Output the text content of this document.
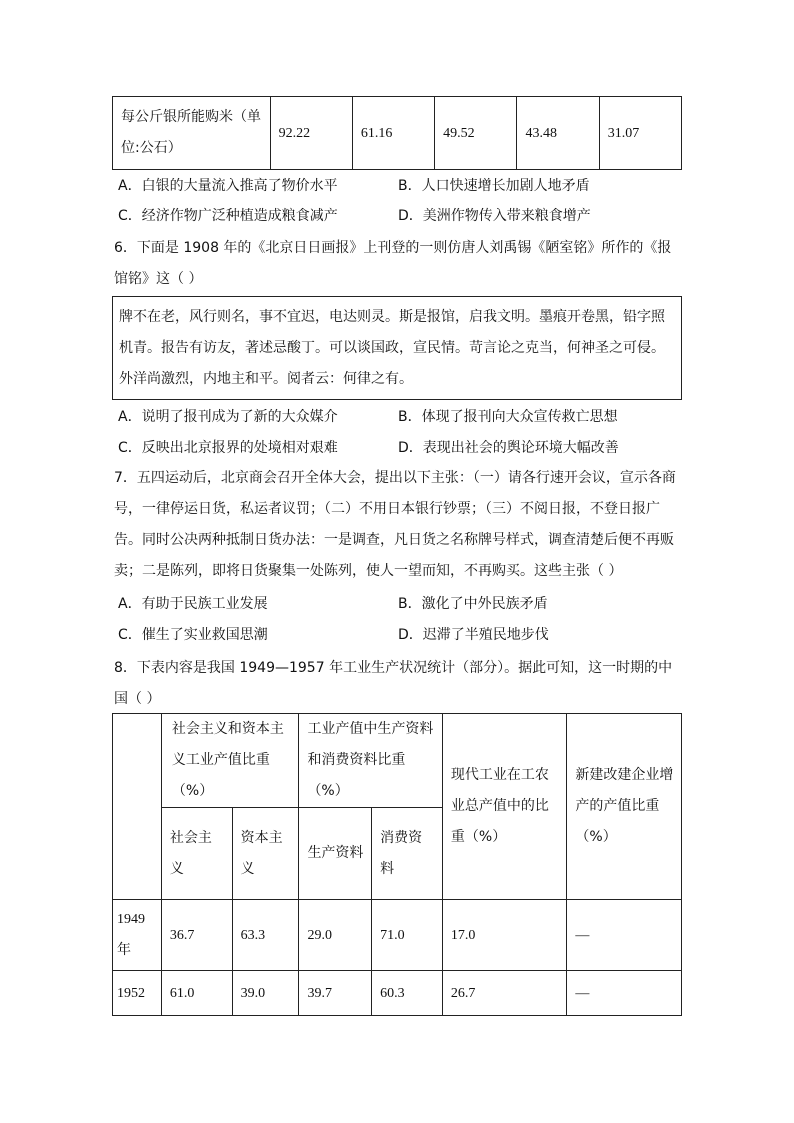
每公斤银所能购米（单位:公石）	92.22	61.16	49.52	43.48	31.07
A．白银的大量流入推高了物价水平	B．人口快速增长加剧人地矛盾
C．经济作物广泛种植造成粮食减产	D．美洲作物传入带来粮食增产
6．下面是 1908 年的《北京日日画报》上刊登的一则仿唐人刘禹锡《陋室铭》所作的《报馆铭》这（ ）
牌不在老，风行则名，事不宜迟，电达则灵。斯是报馆，启我文明。墨痕开卷黑，铅字照机青。报告有访友，著述忌酸丁。可以谈国政，宣民情。苛言论之克当，何神圣之可侵。外洋尚激烈，内地主和平。阅者云：何律之有。
A．说明了报刊成为了新的大众媒介	B．体现了报刊向大众宣传救亡思想
C．反映出北京报界的处境相对艰难	D．表现出社会的舆论环境大幅改善
7．五四运动后，北京商会召开全体大会，提出以下主张：（一）请各行速开会议，宣示各商号，一律停运日货，私运者议罚；（二）不用日本银行钞票；（三）不阅日报，不登日报广告。同时公决两种抵制日货办法：一是调查，凡日货之名称牌号样式，调查清楚后便不再贩卖；二是陈列，即将日货聚集一处陈列，使人一望而知，不再购买。这些主张（ ）
A．有助于民族工业发展	B．激化了中外民族矛盾
C．催生了实业救国思潮	D．迟滞了半殖民地步伐
8．下表内容是我国 1949—1957 年工业生产状况统计（部分）。据此可知，这一时期的中国（ ）
	社会主义和资本主义工业产值比重（%）		工业产值中生产资料和消费资料比重（%）		现代工业在工农业总产值中的比重（%）	新建改建企业增产的产值比重（%）
	社会主义	资本主义	生产资料	消费资料		
1949年	36.7	63.3	29.0	71.0	17.0	—
1952	61.0	39.0	39.7	60.3	26.7	—
